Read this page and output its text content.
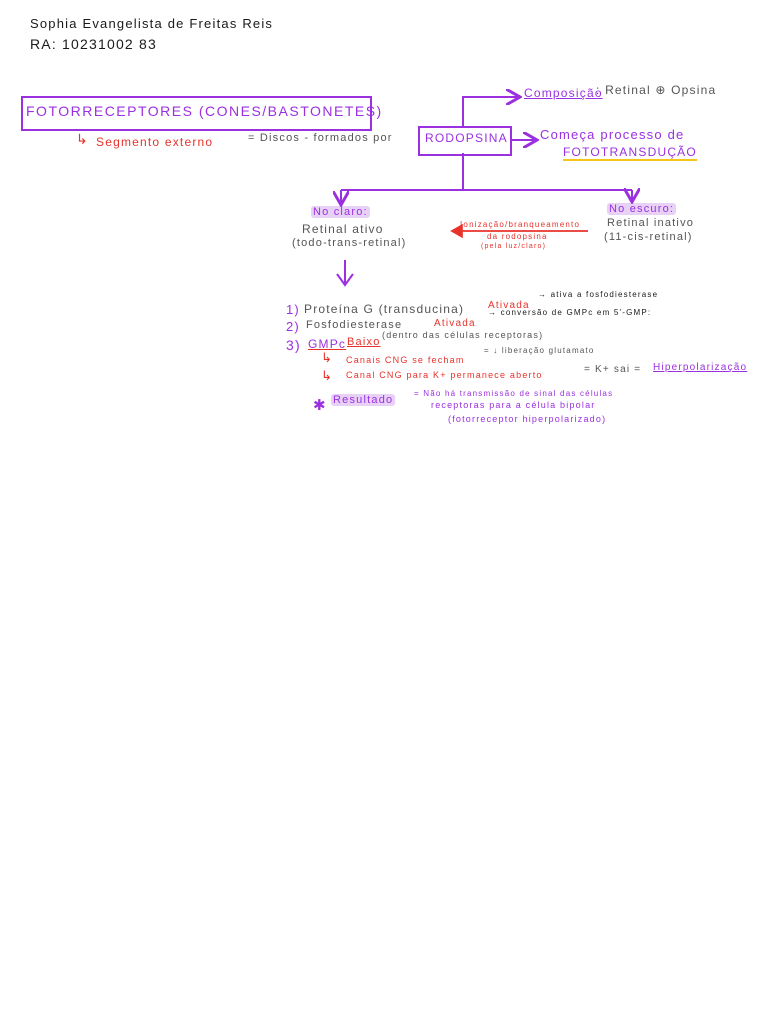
Sophia Evangelista de Freitas Reis
RA: 10231002 83
FOTORRECEPTORES (CONES/BASTONETES)
↳ Segmento externo	= Discos - formados por	RODOPSINA
Composição
: Retinal ⊕ Opsina
Começa processo de
FOTOTRANSDUÇÃO
No claro:
Retinal ativo
(todo-trans-retinal)
No escuro:
Retinal inativo
(11-cis-retinal)
Ionização/branqueamento
da rodopsina
(pela luz/claro)
1) Proteína G (transducina) Ativada
→ ativa a fosfodiesterase
2) Fosfodiesterase	Ativada
→ conversão de GMPc em 5'-GMP:
3) GMPc Baixo
(dentro das células receptoras)
↳ Canais CNG se fecham
= ↓ liberação glutamato
↳ Canal CNG para K+ permanece aberto	= K+ sai = Hiperpolarização
✱ Resultado
= Não há transmissão de sinal das células
receptoras para a célula bipolar
(fotorreceptor hiperpolarizado)
